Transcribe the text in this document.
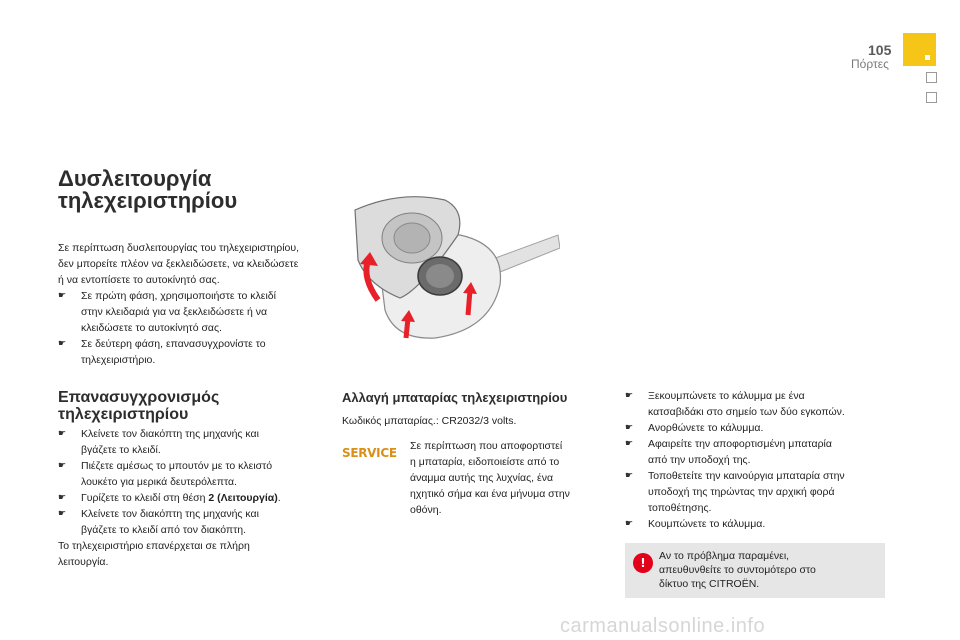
105
Πόρτες
Δυσλειτουργία
τηλεχειριστηρίου
Σε περίπτωση δυσλειτουργίας του τηλεχειριστηρίου,
δεν μπορείτε πλέον να ξεκλειδώσετε, να κλειδώσετε
ή να εντοπίσετε το αυτοκίνητό σας.
☛ Σε πρώτη φάση, χρησιμοποιήστε το κλειδί
στην κλειδαριά για να ξεκλειδώσετε ή να
κλειδώσετε το αυτοκίνητό σας.
☛ Σε δεύτερη φάση, επανασυγχρονίστε το
τηλεχειριστήριο.
Επανασυγχρονισμός
τηλεχειριστηρίου
☛ Κλείνετε τον διακόπτη της μηχανής και
βγάζετε το κλειδί.
☛ Πιέζετε αμέσως το μπουτόν με το κλειστό
λουκέτο για μερικά δευτερόλεπτα.
☛ Γυρίζετε το κλειδί στη θέση 2 (Λειτουργία).
☛ Κλείνετε τον διακόπτη της μηχανής και
βγάζετε το κλειδί από τον διακόπτη.
Το τηλεχειριστήριο επανέρχεται σε πλήρη
λειτουργία.
Αλλαγή μπαταρίας τηλεχειριστηρίου
Κωδικός μπαταρίας.: CR2032/3 volts.
SERVICE Σε περίπτωση που αποφορτιστεί
η μπαταρία, ειδοποιείστε από το
άναμμα αυτής της λυχνίας, ένα
ηχητικό σήμα και ένα μήνυμα στην
οθόνη.
☛ Ξεκουμπώνετε το κάλυμμα με ένα
κατσαβιδάκι στο σημείο των δύο εγκοπών.
☛ Ανορθώνετε το κάλυμμα.
☛ Αφαιρείτε την αποφορτισμένη μπαταρία
από την υποδοχή της.
☛ Τοποθετείτε την καινούργια μπαταρία στην
υποδοχή της τηρώντας την αρχική φορά
τοποθέτησης.
☛ Κουμπώνετε το κάλυμμα.
!	Αν το πρόβλημα παραμένει,
απευθυνθείτε το συντομότερο στο
δίκτυο της CITROËN.
carmanualsonline.info
